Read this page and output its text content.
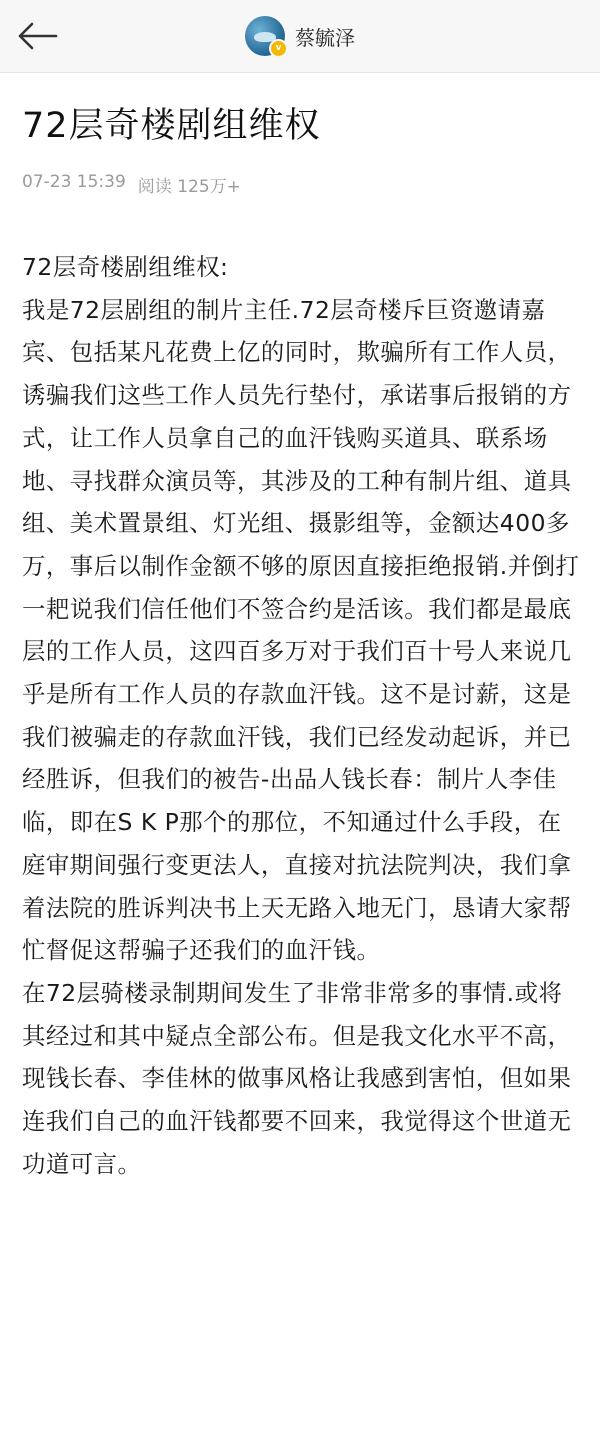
v 蔡毓泽
72层奇楼剧组维权
07-23 15:39 阅读 125万+

72层奇楼剧组维权:

我是72层剧组的制片主任.72层奇楼斥巨资邀请嘉宾、包括某凡花费上亿的同时，欺骗所有工作人员，诱骗我们这些工作人员先行垫付，承诺事后报销的方式，让工作人员拿自己的血汗钱购买道具、联系场地、寻找群众演员等，其涉及的工种有制片组、道具组、美术置景组、灯光组、摄影组等，金额达400多万，事后以制作金额不够的原因直接拒绝报销.并倒打一耙说我们信任他们不签合约是活该。我们都是最底层的工作人员，这四百多万对于我们百十号人来说几乎是所有工作人员的存款血汗钱。这不是讨薪，这是我们被骗走的存款血汗钱，我们已经发动起诉，并已经胜诉，但我们的被告-出品人钱长春：制片人李佳临，即在S K P那个的那位，不知通过什么手段，在庭审期间强行变更法人，直接对抗法院判决，我们拿着法院的胜诉判决书上天无路入地无门，恳请大家帮忙督促这帮骗子还我们的血汗钱。

在72层骑楼录制期间发生了非常非常多的事情.或将其经过和其中疑点全部公布。但是我文化水平不高，现钱长春、李佳林的做事风格让我感到害怕，但如果连我们自己的血汗钱都要不回来，我觉得这个世道无功道可言。
